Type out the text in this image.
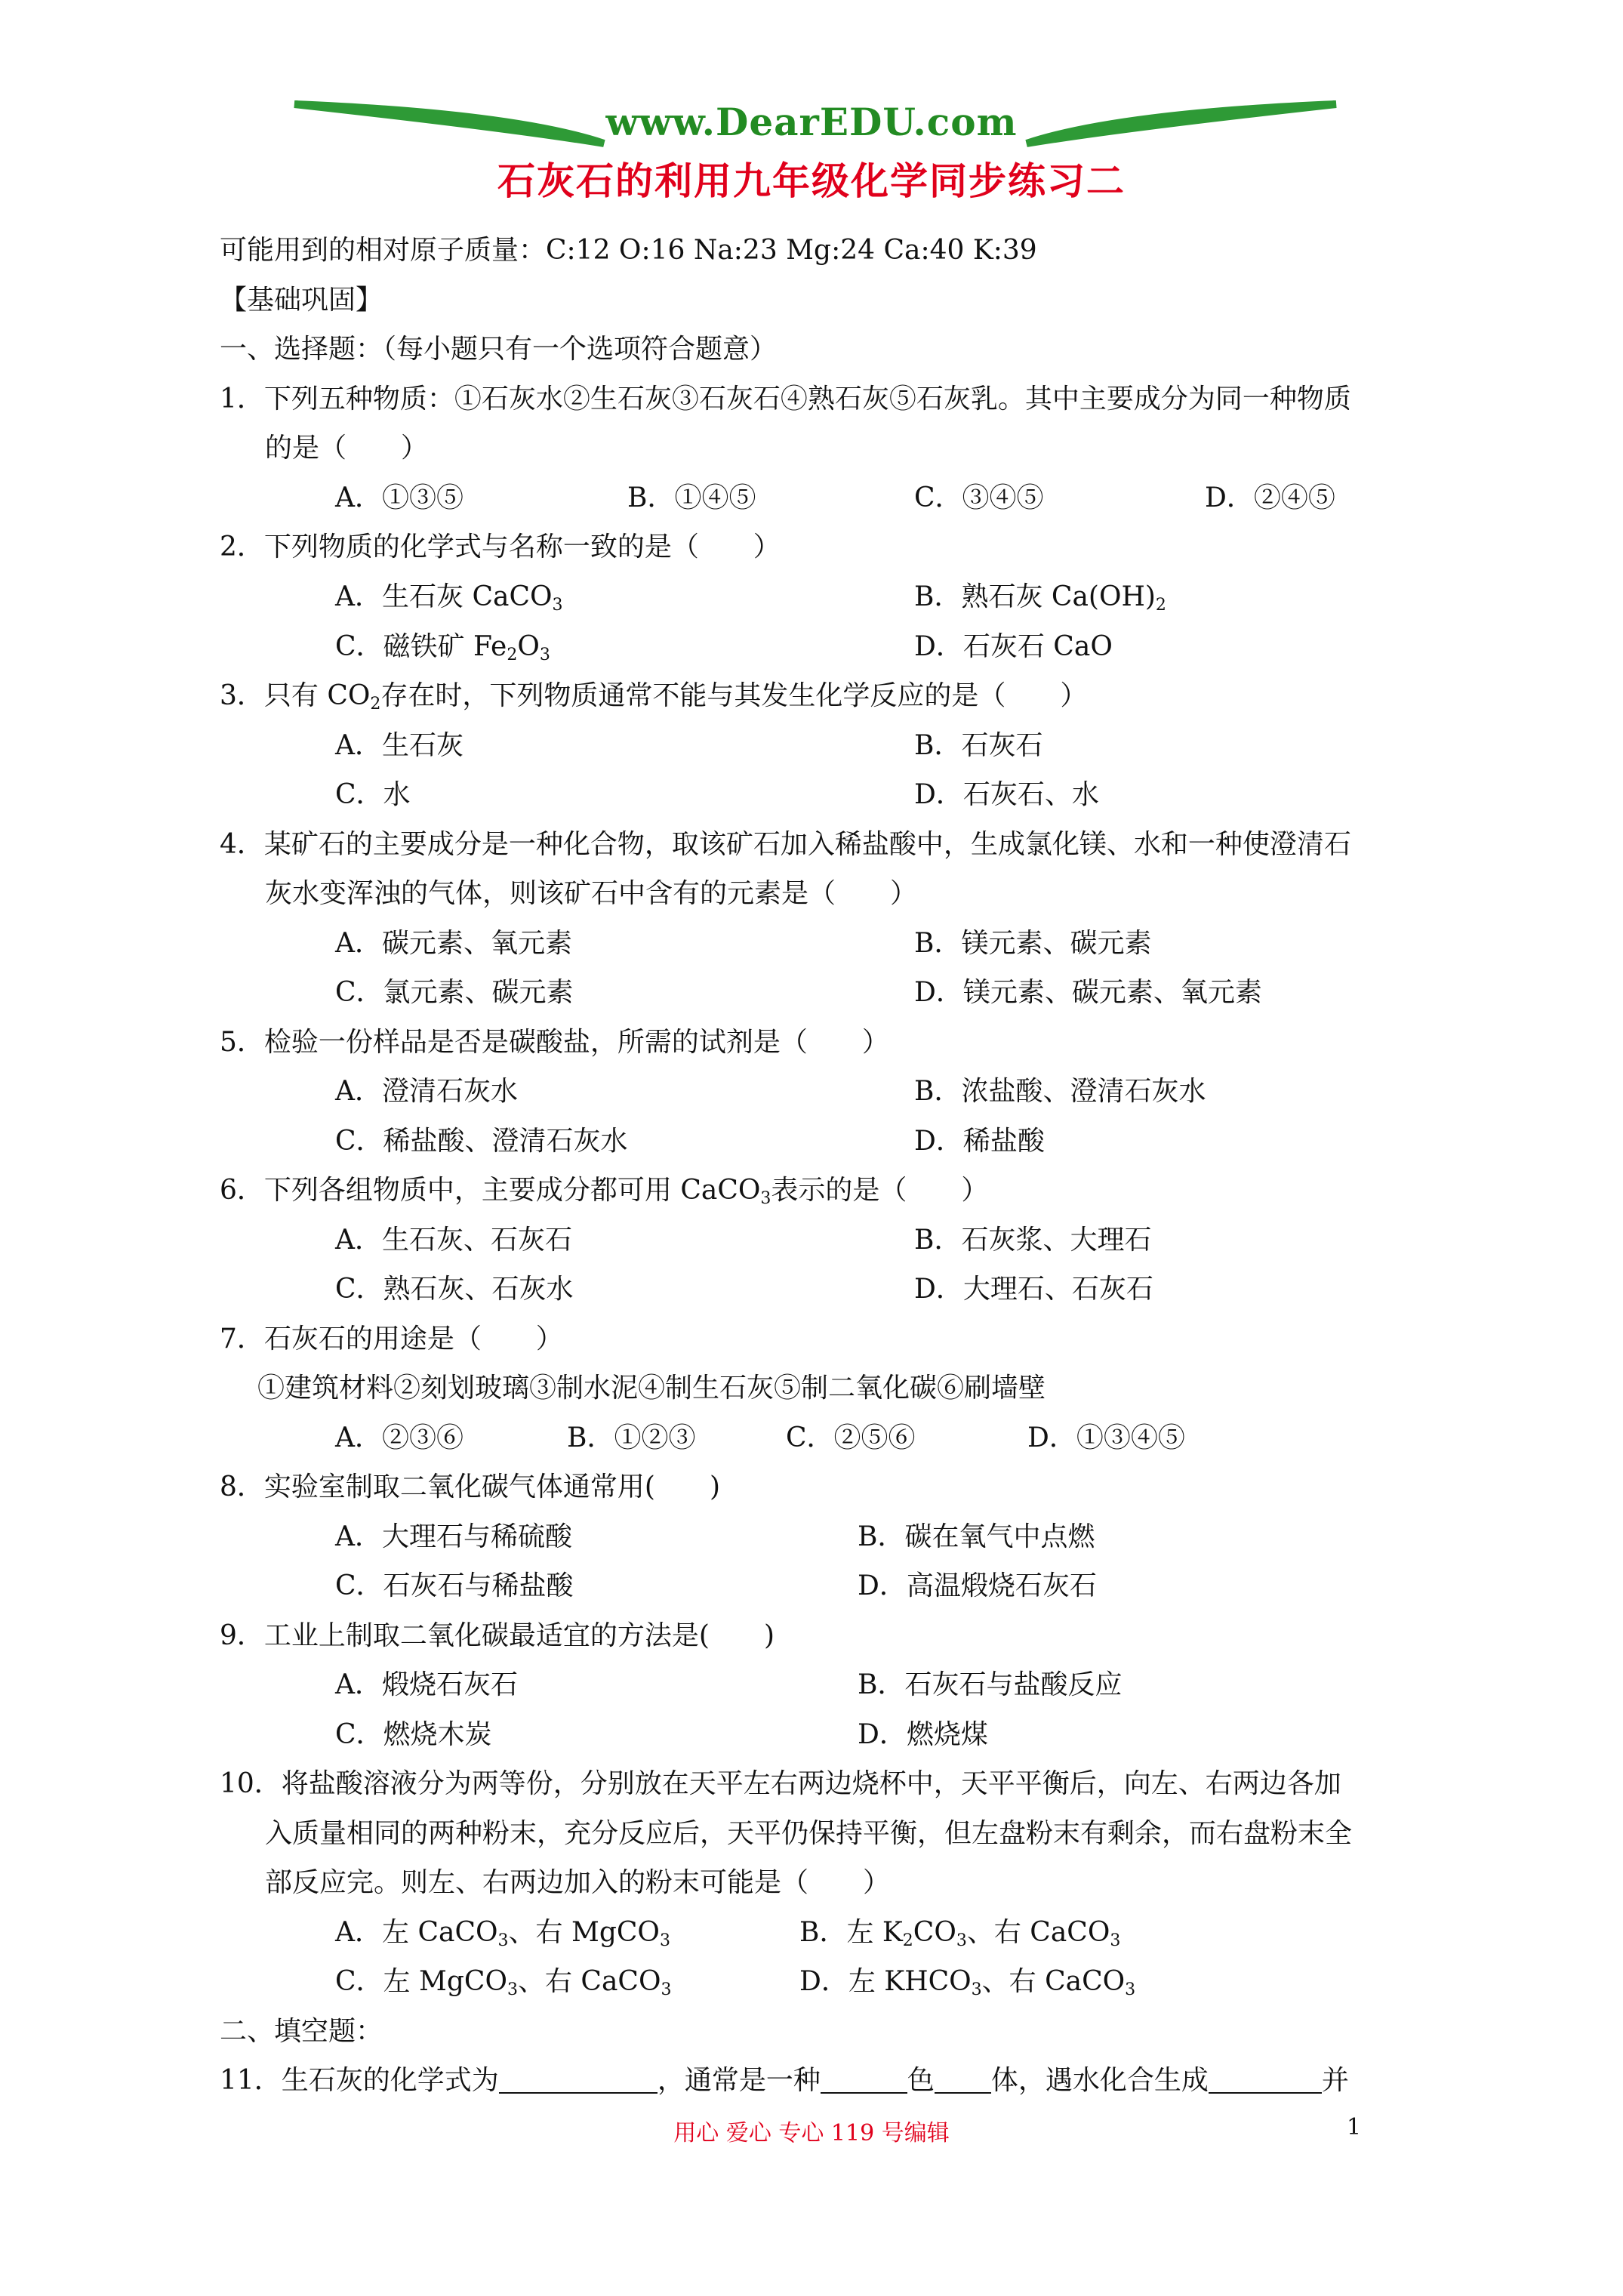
www.DearEDU.com
石灰石的利用九年级化学同步练习二
可能用到的相对原子质量：C:12 O:16 Na:23 Mg:24 Ca:40 K:39
【基础巩固】
一、选择题：（每小题只有一个选项符合题意）
1．下列五种物质：①石灰水②生石灰③石灰石④熟石灰⑤石灰乳。其中主要成分为同一种物质
的是（　　）
A．①③⑤	B．①④⑤	C．③④⑤	D．②④⑤
2．下列物质的化学式与名称一致的是（　　）
A．生石灰 CaCO$_3$	B．熟石灰 $Ca(OH)_2$
C．磁铁矿 $Fe_2O_3$	D．石灰石 CaO
3．只有 $CO_2$存在时，下列物质通常不能与其发生化学反应的是（　　）
A．生石灰	B．石灰石
C．水	D．石灰石、水
4．某矿石的主要成分是一种化合物，取该矿石加入稀盐酸中，生成氯化镁、水和一种使澄清石
灰水变浑浊的气体，则该矿石中含有的元素是（　　）
A．碳元素、氧元素	B．镁元素、碳元素
C．氯元素、碳元素	D．镁元素、碳元素、氧元素
5．检验一份样品是否是碳酸盐，所需的试剂是（　　）
A．澄清石灰水	B．浓盐酸、澄清石灰水
C．稀盐酸、澄清石灰水	D．稀盐酸
6．下列各组物质中，主要成分都可用 CaCO$_3$表示的是（　　）
A．生石灰、石灰石	B．石灰浆、大理石
C．熟石灰、石灰水	D．大理石、石灰石
7．石灰石的用途是（　　）
①建筑材料②刻划玻璃③制水泥④制生石灰⑤制二氧化碳⑥刷墙壁
A．②③⑥	B．①②③	C．②⑤⑥	D．①③④⑤
8．实验室制取二氧化碳气体通常用(　　)
A．大理石与稀硫酸	B．碳在氧气中点燃
C．石灰石与稀盐酸	D．高温煅烧石灰石
9．工业上制取二氧化碳最适宜的方法是(　　)
A．煅烧石灰石	B．石灰石与盐酸反应
C．燃烧木炭	D．燃烧煤
10．将盐酸溶液分为两等份，分别放在天平左右两边烧杯中，天平平衡后，向左、右两边各加
入质量相同的两种粉末，充分反应后，天平仍保持平衡，但左盘粉末有剩余，而右盘粉末全
部反应完。则左、右两边加入的粉末可能是（　　）
A．左 CaCO$_3$、右 MgCO$_3$	B．左 $K_2CO_3$、右 CaCO$_3$
C．左 MgCO$_3$、右 CaCO$_3$	D．左 $KHCO_3$、右 CaCO$_3$
二、填空题：
11．生石灰的化学式为	，通常是一种	色 体，遇水化合生成	并
用心 爱心 专心 119 号编辑	1
